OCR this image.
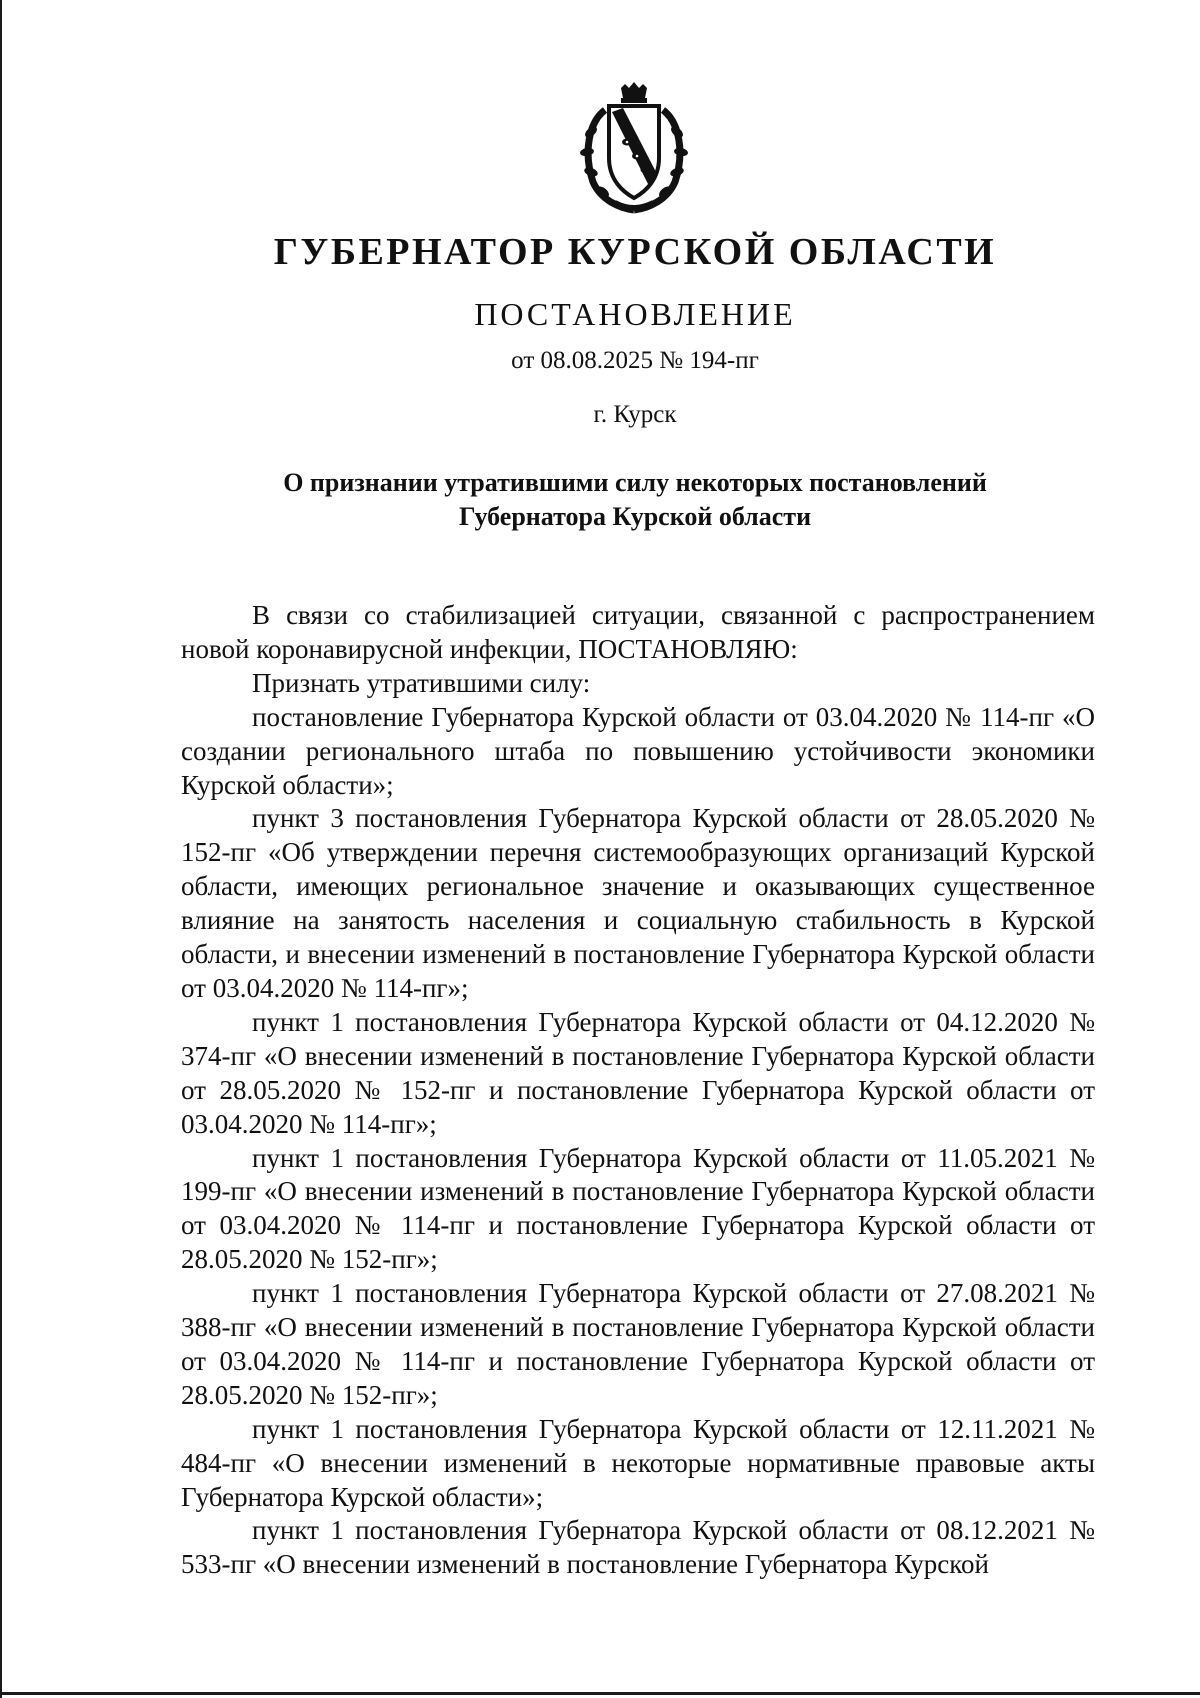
ГУБЕРНАТОР КУРСКОЙ ОБЛАСТИ
ПОСТАНОВЛЕНИЕ
от 08.08.2025 № 194-пг
г. Курск
О признании утратившими силу некоторых постановлений
Губернатора Курской области

В связи со стабилизацией ситуации, связанной с распространением новой коронавирусной инфекции, ПОСТАНОВЛЯЮ:

Признать утратившими силу:

постановление Губернатора Курской области от 03.04.2020 № 114-пг «О создании регионального штаба по повышению устойчивости экономики Курской области»;

пункт 3 постановления Губернатора Курской области от 28.05.2020 № 152-пг «Об утверждении перечня системообразующих организаций Курской области, имеющих региональное значение и оказывающих существенное влияние на занятость населения и социальную стабильность в Курской области, и внесении изменений в постановление Губернатора Курской области от 03.04.2020 № 114-пг»;

пункт 1 постановления Губернатора Курской области от 04.12.2020 № 374-пг «О внесении изменений в постановление Губернатора Курской области от 28.05.2020 № 152-пг и постановление Губернатора Курской области от 03.04.2020 № 114-пг»;

пункт 1 постановления Губернатора Курской области от 11.05.2021 № 199-пг «О внесении изменений в постановление Губернатора Курской области от 03.04.2020 № 114-пг и постановление Губернатора Курской области от 28.05.2020 № 152-пг»;

пункт 1 постановления Губернатора Курской области от 27.08.2021 № 388-пг «О внесении изменений в постановление Губернатора Курской области от 03.04.2020 № 114-пг и постановление Губернатора Курской области от 28.05.2020 № 152-пг»;

пункт 1 постановления Губернатора Курской области от 12.11.2021 № 484-пг «О внесении изменений в некоторые нормативные правовые акты Губернатора Курской области»;

пункт 1 постановления Губернатора Курской области от 08.12.2021 № 533-пг «О внесении изменений в постановление Губернатора Курской
